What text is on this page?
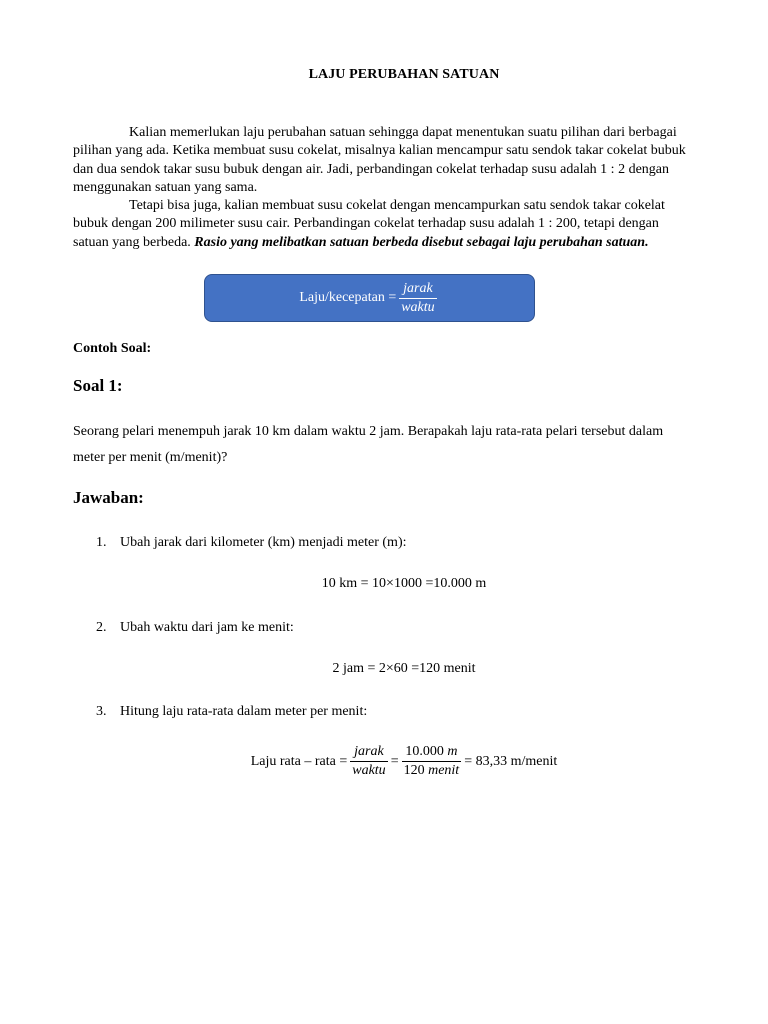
LAJU PERUBAHAN SATUAN
Kalian memerlukan laju perubahan satuan sehingga dapat menentukan suatu pilihan dari berbagai pilihan yang ada. Ketika membuat susu cokelat, misalnya kalian mencampur satu sendok takar cokelat bubuk dan dua sendok takar susu bubuk dengan air. Jadi, perbandingan cokelat terhadap susu adalah 1 : 2 dengan menggunakan satuan yang sama.
Tetapi bisa juga, kalian membuat susu cokelat dengan mencampurkan satu sendok takar cokelat bubuk dengan 200 milimeter susu cair. Perbandingan cokelat terhadap susu adalah 1 : 200, tetapi dengan satuan yang berbeda. Rasio yang melibatkan satuan berbeda disebut sebagai laju perubahan satuan.
Laju/kecepatan = $\frac{\text{jarak}}{\text{waktu}}$
Contoh Soal:
Soal 1:
Seorang pelari menempuh jarak 10 km dalam waktu 2 jam. Berapakah laju rata-rata pelari tersebut dalam meter per menit (m/menit)?
Jawaban:
1. Ubah jarak dari kilometer (km) menjadi meter (m):
10 km = 10×1000 =10.000 m
2. Ubah waktu dari jam ke menit:
2 jam = 2×60 =120 menit
3. Hitung laju rata-rata dalam meter per menit:
Laju rata – rata = $\frac{\text{jarak}}{\text{waktu}} = \frac{10.000 m}{\text{120 menit}} = 83,33$ m/menit
